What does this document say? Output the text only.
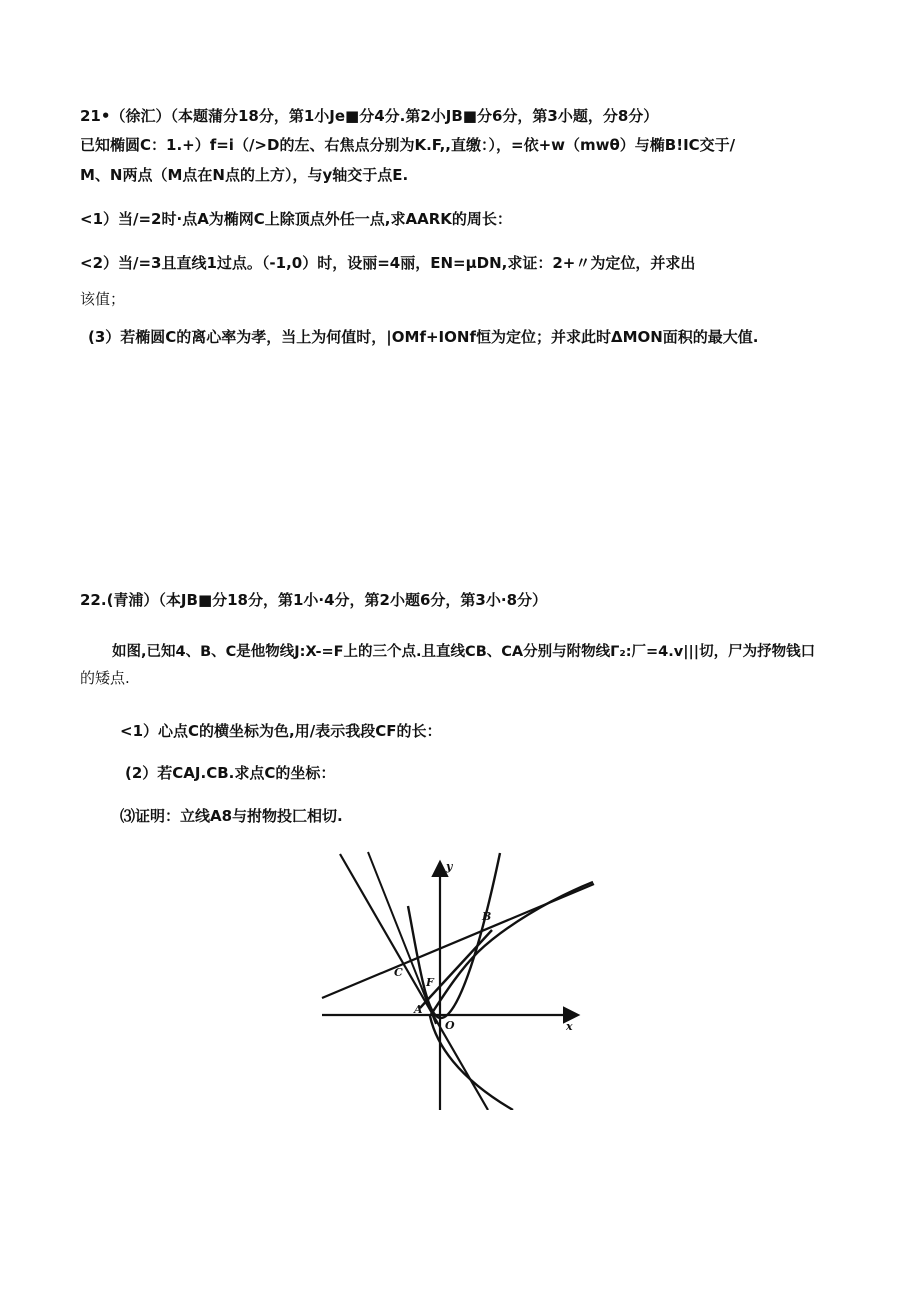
21•（徐汇）（本题蒲分18分，第1小Je■分4分.第2小JB■分6分，第3小题，分8分）
已知椭圆C：1.+）f=i（/>D的左、右焦点分别为K.F,,直缴：），=依+w（mwθ）与椭B!IC交于/
M、N两点（M点在N点的上方），与y轴交于点E.
<1）当/=2时·点A为椭网C上除顶点外任一点,求AARK的周长：
<2）当/=3且直线1过点。（-1,0）时，设丽=4丽，EN=μDN,求证：2+〃为定位，并求出
该值；
(3）若椭圆C的离心率为孝，当上为何值时，|OMf+IONf恒为定位；并求此时ΔMON面积的最大值.
22.(青浦）（本JB■分18分，第1小·4分，第2小题6分，第3小·8分）
如图,已知4、B、C是他物线J:X-=F上的三个点.且直线CB、CA分别与附物线Γ₂:厂=4.v|||切，尸为抒物钱口
的矮点.
<1）心点C的横坐标为色,用/表示我段CF的长：
(2）若CAJ.CB.求点C的坐标：
⑶证明：立线A8与拊物投匚相切.
y
x
O
A
B
C
F
